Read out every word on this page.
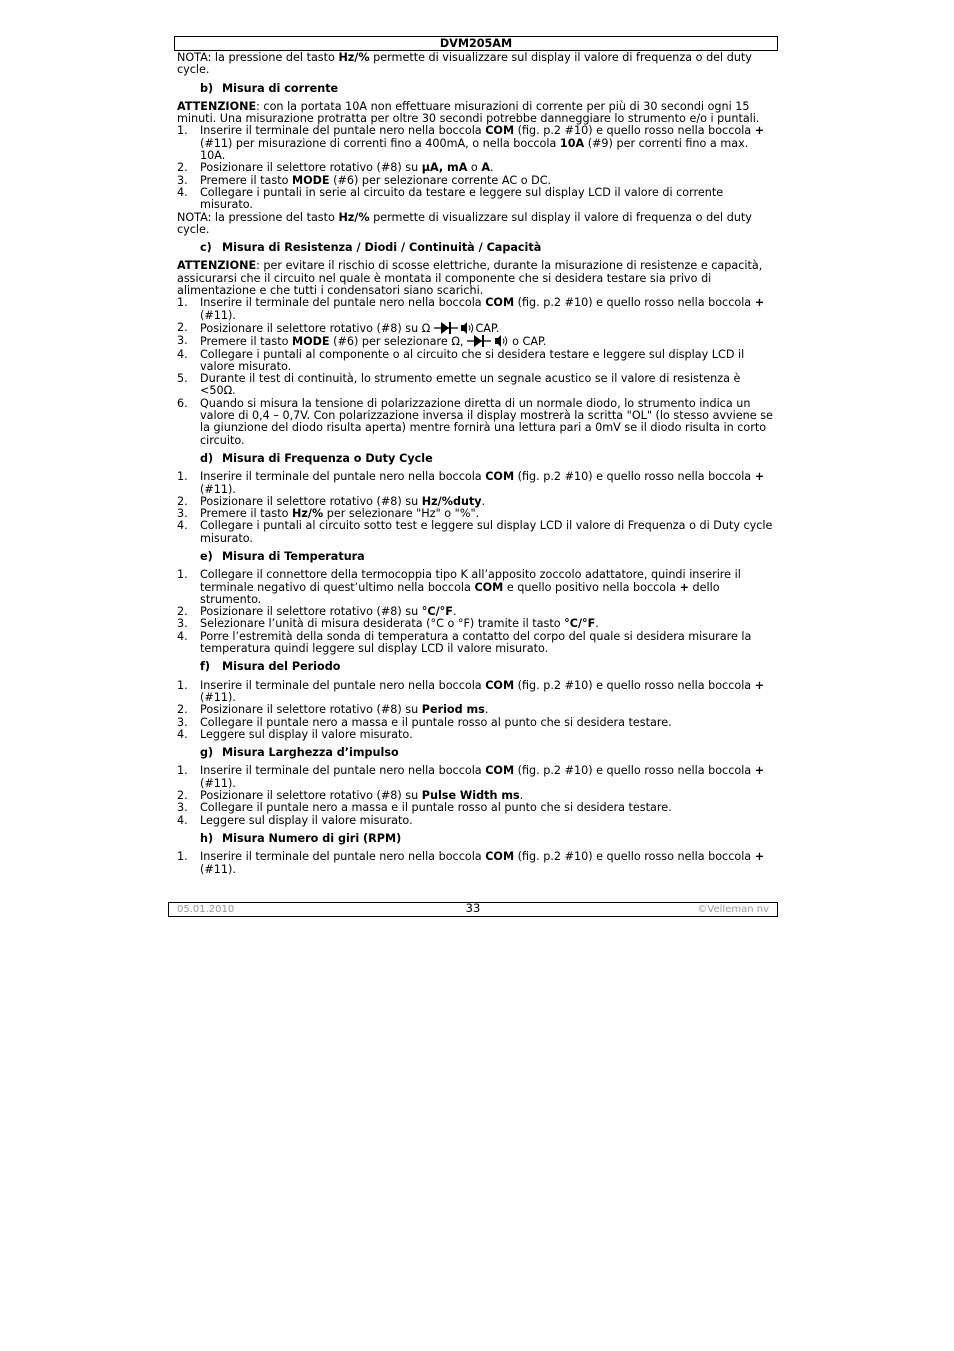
DVM205AM

NOTA: la pressione del tasto Hz/% permette di visualizzare sul display il valore di frequenza o del duty cycle.

b) Misura di corrente

ATTENZIONE: con la portata 10A non effettuare misurazioni di corrente per più di 30 secondi ogni 15 minuti. Una misurazione protratta per oltre 30 secondi potrebbe danneggiare lo strumento e/o i puntali.

1. Inserire il terminale del puntale nero nella boccola COM (fig. p.2 #10) e quello rosso nella boccola + (#11) per misurazione di correnti fino a 400mA, o nella boccola 10A (#9) per correnti fino a max. 10A.
2. Posizionare il selettore rotativo (#8) su µA, mA o A.
3. Premere il tasto MODE (#6) per selezionare corrente AC o DC.
4. Collegare i puntali in serie al circuito da testare e leggere sul display LCD il valore di corrente misurato.

NOTA: la pressione del tasto Hz/% permette di visualizzare sul display il valore di frequenza o del duty cycle.

c) Misura di Resistenza / Diodi / Continuità / Capacità

ATTENZIONE: per evitare il rischio di scosse elettriche, durante la misurazione di resistenze e capacità, assicurarsi che il circuito nel quale è montata il componente che si desidera testare sia privo di alimentazione e che tutti i condensatori siano scarichi.

1. Inserire il terminale del puntale nero nella boccola COM (fig. p.2 #10) e quello rosso nella boccola + (#11).
2. Posizionare il selettore rotativo (#8) su Ω	CAP.
3. Premere il tasto MODE (#6) per selezionare Ω,	o CAP.
4. Collegare i puntali al componente o al circuito che si desidera testare e leggere sul display LCD il valore misurato.
5. Durante il test di continuità, lo strumento emette un segnale acustico se il valore di resistenza è <50Ω.
6. Quando si misura la tensione di polarizzazione diretta di un normale diodo, lo strumento indica un valore di 0,4 – 0,7V. Con polarizzazione inversa il display mostrerà la scritta "OL" (lo stesso avviene se la giunzione del diodo risulta aperta) mentre fornirà una lettura pari a 0mV se il diodo risulta in corto circuito.

d) Misura di Frequenza o Duty Cycle

1. Inserire il terminale del puntale nero nella boccola COM (fig. p.2 #10) e quello rosso nella boccola + (#11).
2. Posizionare il selettore rotativo (#8) su Hz/%duty.
3. Premere il tasto Hz/% per selezionare "Hz" o "%".
4. Collegare i puntali al circuito sotto test e leggere sul display LCD il valore di Frequenza o di Duty cycle misurato.

e) Misura di Temperatura

1. Collegare il connettore della termocoppia tipo K all’apposito zoccolo adattatore, quindi inserire il terminale negativo di quest’ultimo nella boccola COM e quello positivo nella boccola + dello strumento.
2. Posizionare il selettore rotativo (#8) su °C/°F.
3. Selezionare l’unità di misura desiderata (°C o °F) tramite il tasto °C/°F.
4. Porre l’estremità della sonda di temperatura a contatto del corpo del quale si desidera misurare la temperatura quindi leggere sul display LCD il valore misurato.

f) Misura del Periodo

1. Inserire il terminale del puntale nero nella boccola COM (fig. p.2 #10) e quello rosso nella boccola + (#11).
2. Posizionare il selettore rotativo (#8) su Period ms.
3. Collegare il puntale nero a massa e il puntale rosso al punto che si desidera testare.
4. Leggere sul display il valore misurato.

g) Misura Larghezza d’impulso

1. Inserire il terminale del puntale nero nella boccola COM (fig. p.2 #10) e quello rosso nella boccola + (#11).
2. Posizionare il selettore rotativo (#8) su Pulse Width ms.
3. Collegare il puntale nero a massa e il puntale rosso al punto che si desidera testare.
4. Leggere sul display il valore misurato.

h) Misura Numero di giri (RPM)

1. Inserire il terminale del puntale nero nella boccola COM (fig. p.2 #10) e quello rosso nella boccola + (#11).
05.01.2010	33	©Velleman nv
